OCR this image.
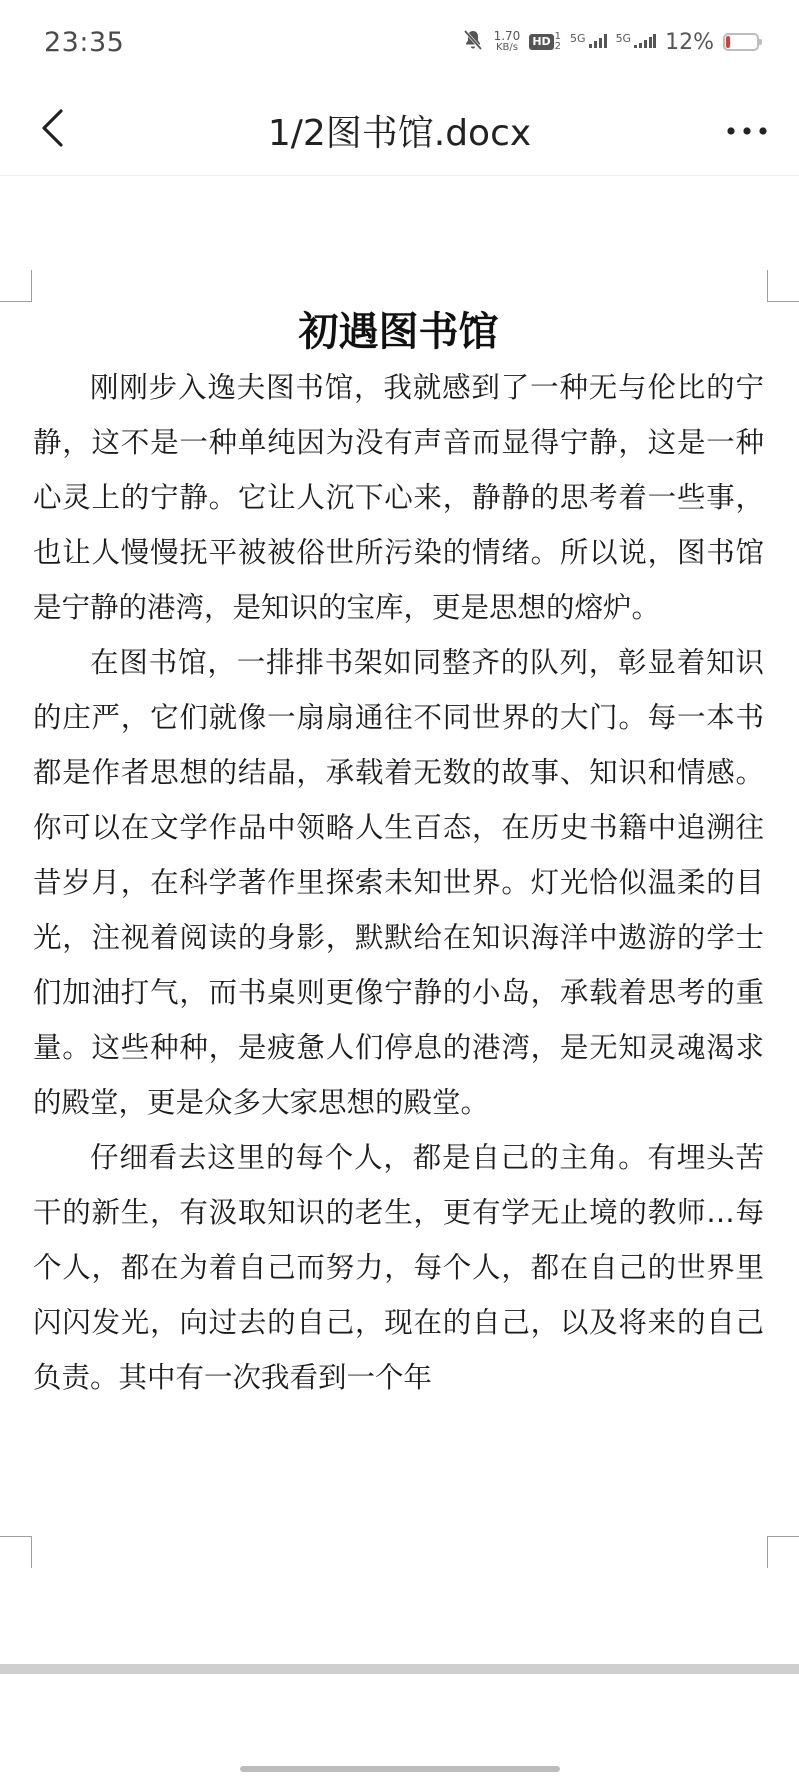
23:35	1.70
KB/s HD 1
2
5G	5G 12%
1/2图书馆.docx
初遇图书馆

刚刚步入逸夫图书馆，我就感到了一种无与伦比的宁静，这不是一种单纯因为没有声音而显得宁静，这是一种心灵上的宁静。它让人沉下心来，静静的思考着一些事，也让人慢慢抚平被被俗世所污染的情绪。所以说，图书馆是宁静的港湾，是知识的宝库，更是思想的熔炉。

在图书馆，一排排书架如同整齐的队列，彰显着知识的庄严，它们就像一扇扇通往不同世界的大门。每一本书都是作者思想的结晶，承载着无数的故事、知识和情感。你可以在文学作品中领略人生百态，在历史书籍中追溯往昔岁月，在科学著作里探索未知世界。灯光恰似温柔的目光，注视着阅读的身影，默默给在知识海洋中遨游的学士们加油打气，而书桌则更像宁静的小岛，承载着思考的重量。这些种种，是疲惫人们停息的港湾，是无知灵魂渴求的殿堂，更是众多大家思想的殿堂。

仔细看去这里的每个人，都是自己的主角。有埋头苦干的新生，有汲取知识的老生，更有学无止境的教师…每个人，都在为着自己而努力，每个人，都在自己的世界里闪闪发光，向过去的自己，现在的自己，以及将来的自己负责。其中有一次我看到一个年
